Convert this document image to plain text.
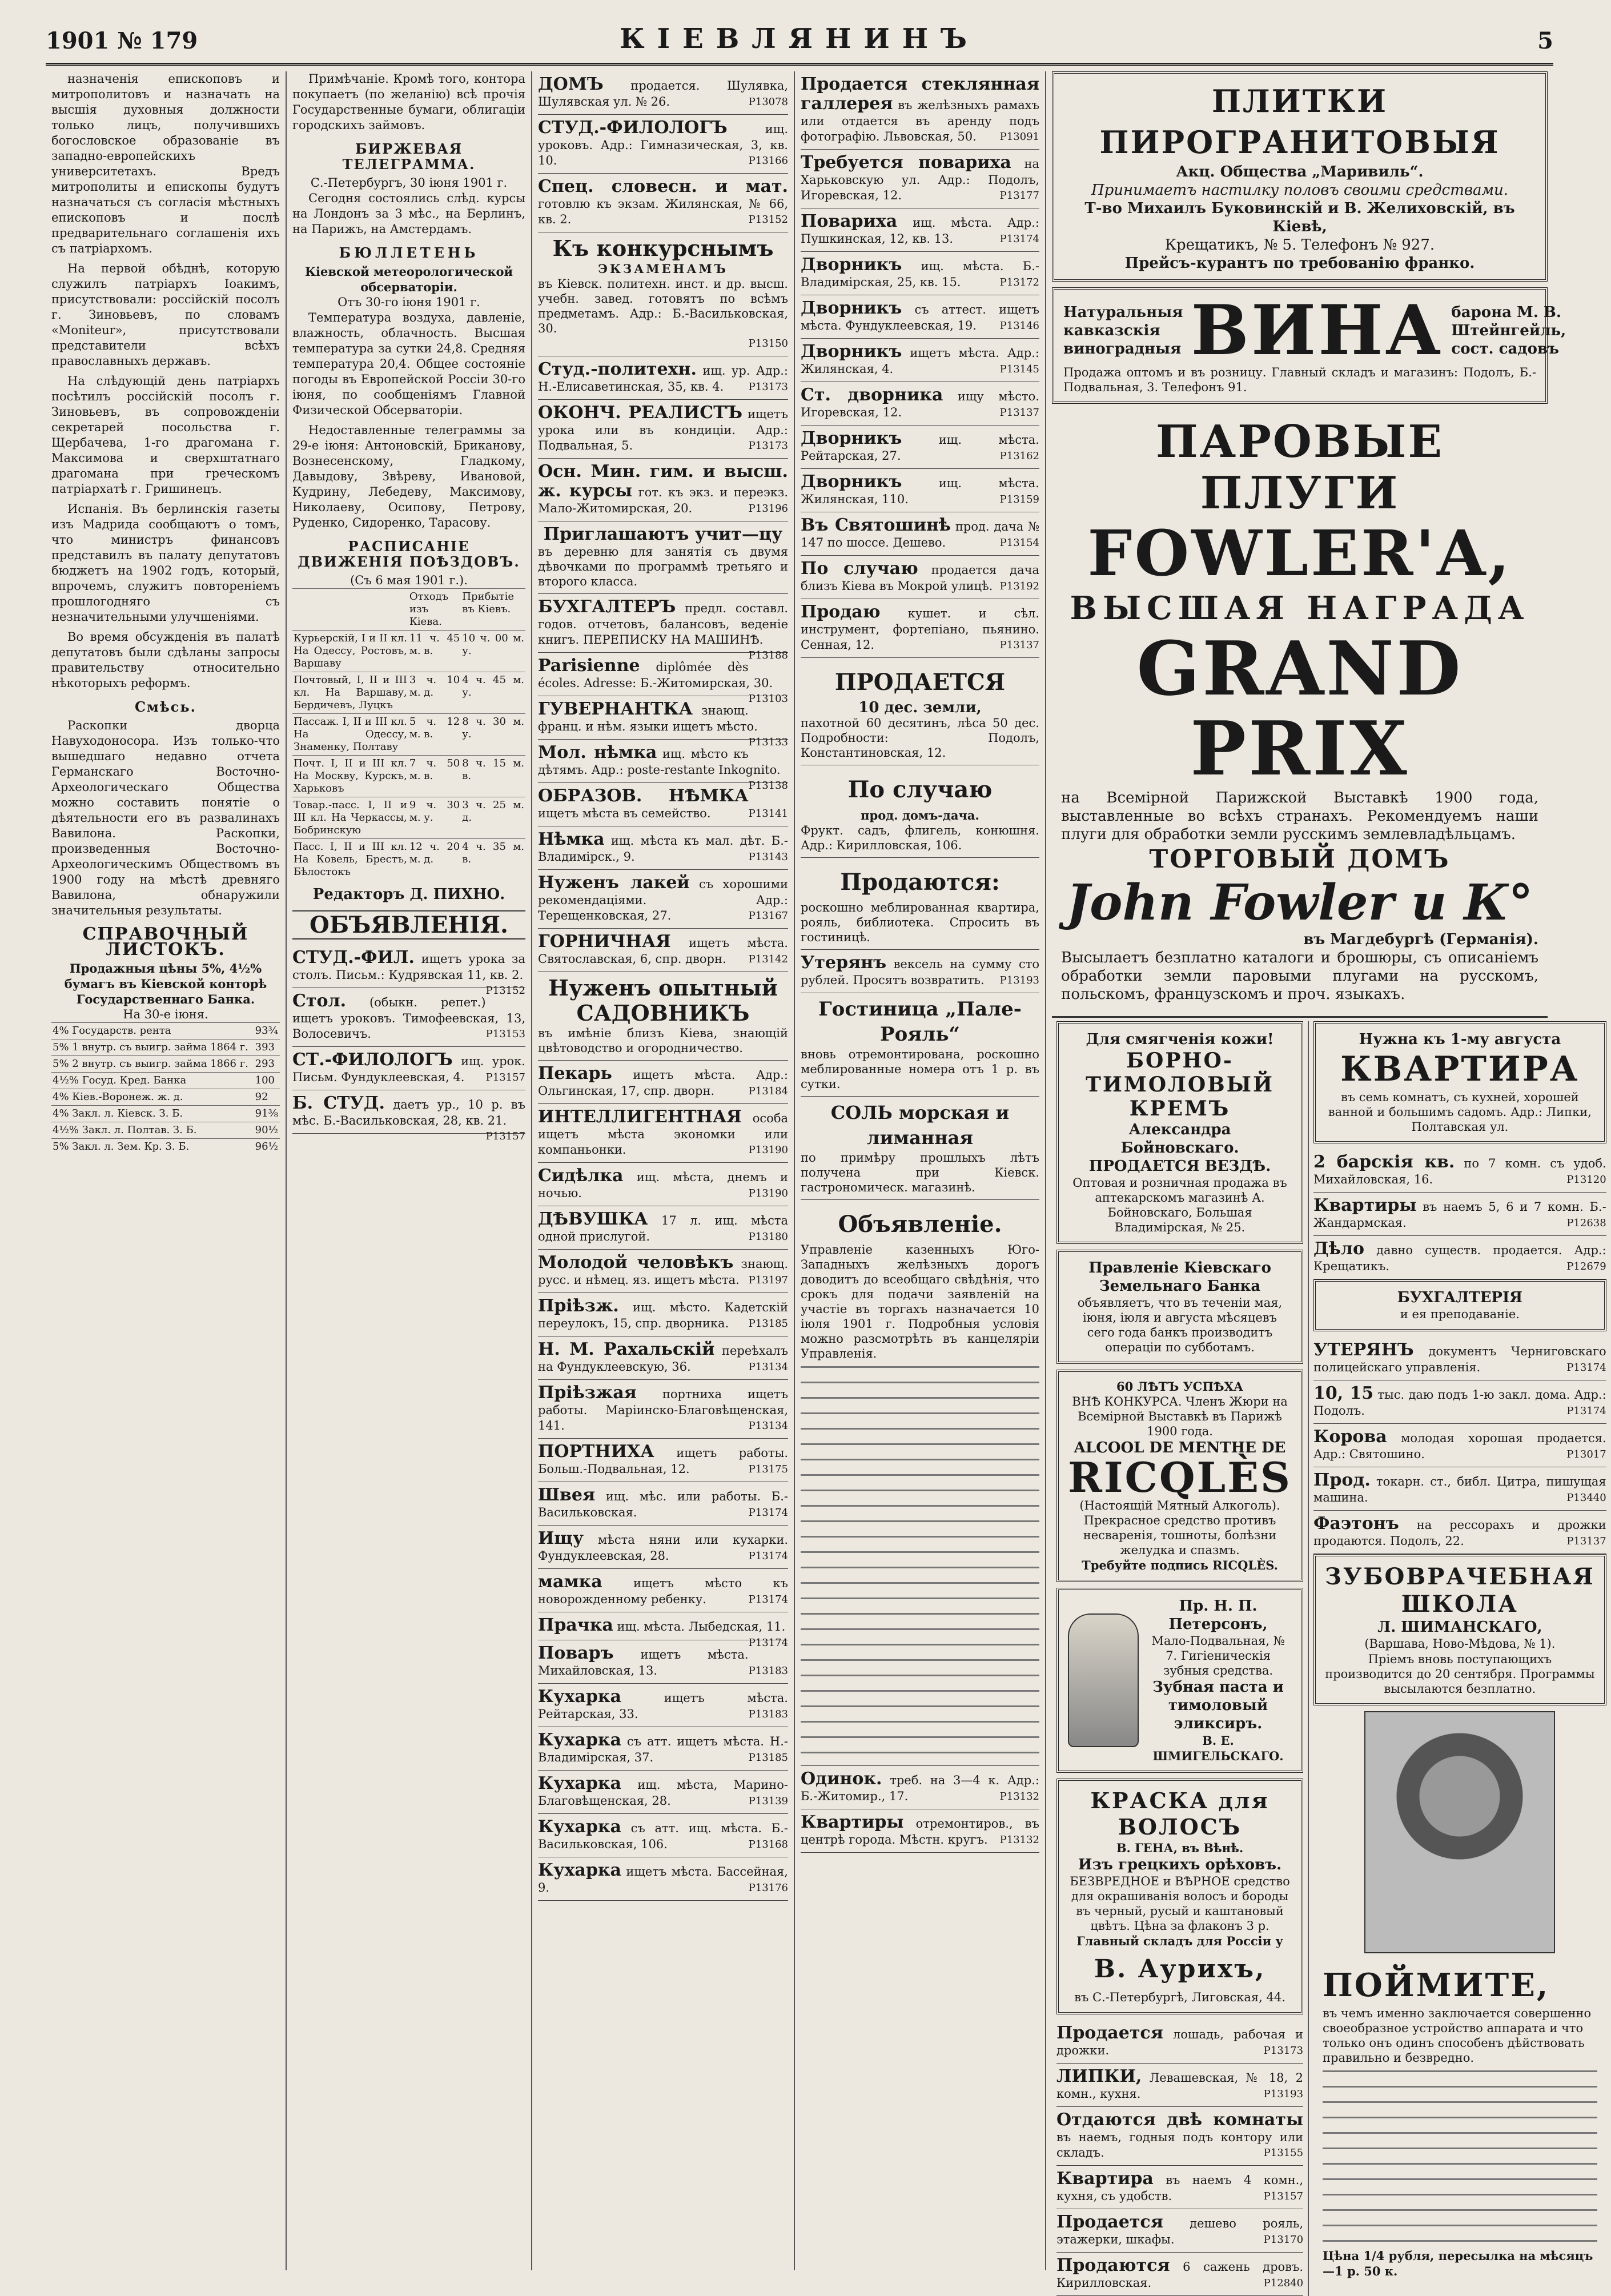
1901 № 179	КІЕВЛЯНИНЪ	5

назначенія епископовъ и митрополитовъ и назначать на высшія духовныя должности только лицъ, получившихъ богословское образованіе въ западно-европейскихъ университетахъ. Вредъ митрополиты и епископы будутъ назначаться съ согласія мѣстныхъ епископовъ и послѣ предварительнаго соглашенія ихъ съ патріархомъ.

На первой обѣднѣ, которую служилъ патріархъ Іоакимъ, присутствовали: россійскій посолъ г. Зиновьевъ, по словамъ «Moniteur», присутствовали представители всѣхъ православныхъ державъ.

На слѣдующій день патріархъ посѣтилъ россійскій посолъ г. Зиновьевъ, въ сопровожденіи секретарей посольства г. Щербачева, 1-го драгомана г. Максимова и сверхштатнаго драгомана при греческомъ патріархатѣ г. Гришинецъ.

Испанія. Въ берлинскія газеты изъ Мадрида сообщаютъ о томъ, что министръ финансовъ представилъ въ палату депутатовъ бюджетъ на 1902 годъ, который, впрочемъ, служитъ повтореніемъ прошлогодняго съ незначительными улучшеніями.

Во время обсужденія въ палатѣ депутатовъ были сдѣланы запросы правительству относительно нѣкоторыхъ реформъ.

Смѣсь.

Раскопки дворца Навуходоносора. Изъ только-что вышедшаго недавно отчета Германскаго Восточно-Археологическаго Общества можно составить понятіе о дѣятельности его въ развалинахъ Вавилона. Раскопки, произведенныя Восточно-Археологическимъ Обществомъ въ 1900 году на мѣстѣ древняго Вавилона, обнаружили значительныя результаты.

СПРАВОЧНЫЙ ЛИСТОКЪ.
Продажныя цѣны 5%, 4½% бумагъ въ Кіевской конторѣ Государственнаго Банка.
На 30-е іюня.
4% Государств. рента	93¾
5% 1 внутр. съ выигр. займа 1864 г.	393
5% 2 внутр. съ выигр. займа 1866 г.	293
4½% Госуд. Кред. Банка	100
4% Кіев.-Воронеж. ж. д.	92
4% Закл. л. Кіевск. З. Б.	91⅜
4½% Закл. л. Полтав. З. Б.	90½
5% Закл. л. Зем. Кр. 3. Б.	96½

Примѣчаніе. Кромѣ того, контора покупаетъ (по желанію) всѣ прочія Государственные бумаги, облигаціи городскихъ займовъ.

БИРЖЕВАЯ ТЕЛЕГРАММА.
С.-Петербургъ, 30 іюня 1901 г.

Сегодня состоялись слѣд. курсы на Лондонъ за 3 мѣс., на Берлинъ, на Парижъ, на Амстердамъ.

БЮЛЛЕТЕНЬ
Кіевской метеорологической обсерваторіи.
Отъ 30-го іюня 1901 г.

Температура воздуха, давленіе, влажность, облачность. Высшая температура за сутки 24,8. Средняя температура 20,4. Общее состояніе погоды въ Европейской Россіи 30-го іюня, по сообщеніямъ Главной Физической Обсерваторіи.

Недоставленные телеграммы за 29-е іюня: Антоновскій, Бриканову, Вознесенскому, Гладкому, Давыдову, Звѣреву, Ивановой, Кудрину, Лебедеву, Максимову, Николаеву, Осипову, Петрову, Руденко, Сидоренко, Тарасову.

РАСПИСАНІЕ ДВИЖЕНІЯ ПОѢЗДОВЪ.
(Съ 6 мая 1901 г.).
	Отходъ изъ Кіева.	Прибытіе въ Кіевъ.
Курьерскій, I и II кл. На Одессу, Ростовъ, Варшаву	11 ч. 45 м. в.	10 ч. 00 м. у.
Почтовый, I, II и III кл. На Варшаву, Бердичевъ, Луцкъ	3 ч. 10 м. д.	4 ч. 45 м. у.
Пассаж. I, II и III кл. На Одессу, Знаменку, Полтаву	5 ч. 12 м. в.	8 ч. 30 м. у.
Почт. I, II и III кл. На Москву, Курскъ, Харьковъ	7 ч. 50 м. в.	8 ч. 15 м. в.
Товар.-пасс. I, II и III кл. На Черкассы, Бобринскую	9 ч. 30 м. у.	3 ч. 25 м. д.
Пасс. I, II и III кл. На Ковель, Брестъ, Бѣлостокъ	12 ч. 20 м. д.	4 ч. 35 м. в.
Редакторъ Д. ПИХНО.
ОБЪЯВЛЕНІЯ.
СТУД.-ФИЛ. ищетъ урока за столъ. Письм.: Кудрявская 11, кв. 2.
Р13152
Стол. (обыкн. репет.) ищетъ уроковъ. Тимофеевская, 13, Волосевичъ.	Р13153
СТ.-ФИЛОЛОГЪ ищ. урок. Письм. Фундуклеевская, 4. Р13157
Б. СТУД. даетъ ур., 10 р. въ мѣс. Б.-Васильковская, 28, кв. 21.
Р13157
ДОМЪ продается. Шулявка, Шулявская ул. № 26.	Р13078
СТУД.-ФИЛОЛОГЪ	ищ. уроковъ. Адр.: Гимназическая, 3, кв. 10.	Р13166
Спец. словесн. и мат. готовлю къ экзам. Жилянская, № 66, кв. 2.	Р13152
Къ конкурснымъ
ЭКЗАМЕНАМЪ
въ Кіевск. политехн. инст. и др. высш. учебн. завед. готовятъ по всѣмъ предметамъ. Адр.: Б.-Васильковская, 30.
Р13150
Студ.-политехн. ищ. ур. Адр.: Н.-Елисаветинская, 35, кв. 4. Р13173
ОКОНЧ. РЕАЛИСТЪ ищетъ урока или въ кондиціи. Адр.: Подвальная, 5.	Р13173
Осн. Мин. гим. и высш. ж. курсы гот. къ экз. и переэкз. Мало-Житомирская, 20.	Р13196
Приглашаютъ учит—цу
въ деревню для занятія съ двумя дѣвочками по программѣ третьяго и второго класса.
БУХГАЛТЕРЪ предл. составл. годов. отчетовъ, балансовъ, веденіе книгъ. ПЕРЕПИСКУ НА МАШИНѢ.
Р13188
Parisienne diplômée dès écoles. Adresse: Б.-Житомирская, 30.
Р13103
ГУВЕРНАНТКА знающ. франц. и нѣм. языки ищетъ мѣсто.
Р13133
Мол. нѣмка ищ. мѣсто къ дѣтямъ. Адр.: poste-restante Inkognito.
Р13138
ОБРАЗОВ. НѢМКА ищетъ мѣста въ семейство.	Р13141
Нѣмка ищ. мѣста къ мал. дѣт. Б.-Владимірск., 9.	Р13143
Нуженъ лакей съ хорошими рекомендаціями. Адр.: Терещенковская, 27.	Р13167
ГОРНИЧНАЯ ищетъ мѣста. Святославская, 6, спр. дворн. Р13142
Нуженъ опытный САДОВНИКЪ
въ имѣніе близъ Кіева, знающій цвѣтоводство и огородничество.
Пекарь ищетъ мѣста. Адр.: Ольгинская, 17, спр. дворн.	Р13184
ИНТЕЛЛИГЕНТНАЯ особа ищетъ мѣста экономки или компаньонки.	Р13190
Сидѣлка ищ. мѣста, днемъ и ночью.	Р13190
ДѢВУШКА 17 л. ищ. мѣста одной прислугой.	Р13180
Молодой человѣкъ знающ. русс. и нѣмец. яз. ищетъ мѣста. Р13197
Пріѣзж. ищ. мѣсто. Кадетскій переулокъ, 15, спр. дворника. Р13185
Н. М. Рахальскій переѣхалъ на Фундуклеевскую, 36.	Р13134
Пріѣзжая портниха ищетъ работы. Марiинско-Благовѣщенская, 141.	Р13134
ПОРТНИХА ищетъ работы. Больш.-Подвальная, 12.	Р13175
Швея ищ. мѣс. или работы. Б.-Васильковская.	Р13174
Ищу мѣста няни или кухарки. Фундуклеевская, 28.	Р13174
мамка	ищетъ мѣсто къ новорожденному ребенку.	Р13174
Прачка ищ. мѣста. Лыбедская, 11.
Р13174
Поваръ ищетъ мѣста. Михайловская, 13.	Р13183
Кухарка	ищетъ мѣста. Рейтарская, 33.	Р13183
Кухарка съ атт. ищетъ мѣста. Н.-Владимірская, 37.	Р13185
Кухарка ищ. мѣста, Марино-Благовѣщенская, 28.	Р13139
Кухарка съ атт. ищ. мѣста. Б.-Васильковская, 106.	Р13168
Кухарка ищетъ мѣста. Бассейная, 9.	Р13176
Продается стеклянная галлерея въ желѣзныхъ рамахъ или отдается въ аренду подъ фотографію. Львовская, 50. Р13091
Требуется повариха на Харьковскую ул. Адр.: Подолъ, Игоревская, 12.	Р13177
Повариха ищ. мѣста. Адр.: Пушкинская, 12, кв. 13.	Р13174
Дворникъ ищ. мѣста. Б.-Владимірская, 25, кв. 15.	Р13172
Дворникъ съ аттест. ищетъ мѣста. Фундуклеевская, 19. Р13146
Дворникъ ищетъ мѣста. Адр.: Жилянская, 4.	Р13145
Ст. дворника ищу мѣсто. Игоревская, 12.	Р13137
Дворникъ	ищ. мѣста. Рейтарская, 27.	Р13162
Дворникъ	ищ. мѣста. Жилянская, 110.	Р13159
Въ Святошинѣ прод. дача № 147 по шоссе. Дешево.	Р13154
По случаю продается дача близъ Кіева въ Мокрой улицѣ. Р13192
Продаю кушет. и сѣл. инструмент, фортепіано, пьянино. Сенная, 12.	Р13137
ПРОДАЕТСЯ
10 дес. земли,
пахотной 60 десятинъ, лѣса 50 дес. Подробности: Подолъ, Константиновская, 12.
По случаю
прод. домъ-дача.
Фрукт. садъ, флигель, конюшня. Адр.: Кирилловская, 106.
Продаются:
роскошно меблированная квартира, рояль, библиотека. Спросить въ гостиницѣ.
Утерянъ вексель на сумму сто рублей. Просятъ возвратить. Р13193
Гостиница „Пале-Рояль“
вновь отремонтирована, роскошно меблированные номера отъ 1 р. въ сутки.
СОЛЬ морская и лиманная
по примѣру прошлыхъ лѣтъ получена при Кіевск. гастрономическ. магазинѣ.
Объявленіе.
Управленіе казенныхъ Юго-Западныхъ желѣзныхъ дорогъ доводитъ до всеобщаго свѣдѣнія, что срокъ для подачи заявленій на участіе въ торгахъ назначается 10 іюля 1901 г. Подробныя условія можно разсмотрѣть въ канцеляріи Управленія.
Одинок. треб. на 3—4 к. Адр.: Б.-Житомир., 17.	Р13132
Квартиры отремонтиров., въ центрѣ города. Мѣстн. кругъ. Р13132
ПЛИТКИ ПИРОГРАНИТОВЫЯ
Акц. Общества „Маривиль“.
Принимаетъ настилку половъ своими средствами.
Т-во Михаилъ Буковинскій и В. Желиховскій, въ Кіевѣ,
Крещатикъ, № 5. Телефонъ № 927.
Прейсъ-курантъ по требованію франко.
Натуральныя кавказскія виноградныя ВИНА барона М. В. Штейнгейль, сост. садовъ
Продажа оптомъ и въ розницу. Главный складъ и магазинъ: Подолъ, Б.-Подвальная, 3. Телефонъ 91.
ПАРОВЫЕ ПЛУГИ
FOWLER'A,
ВЫСШАЯ НАГРАДА
GRAND PRIX
на Всемірной Парижской Выставкѣ 1900 года, выставленные во всѣхъ странахъ. Рекомендуемъ наши плуги для обработки земли русскимъ землевладѣльцамъ.
ТОРГОВЫЙ ДОМЪ
John Fowler и К°
въ Магдебургѣ (Германія).
Высылаетъ безплатно каталоги и брошюры, съ описаніемъ обработки земли паровыми плугами на русскомъ, польскомъ, французскомъ и проч. языкахъ.
Для смягченія кожи!
БОРНО-ТИМОЛОВЫЙ КРЕМЪ
Александра Бойновскаго.
ПРОДАЕТСЯ ВЕЗДѢ.
Оптовая и розничная продажа въ аптекарскомъ магазинѣ А. Бойновскаго, Большая Владимірская, № 25.
Правленіе Кіевскаго Земельнаго Банка
объявляетъ, что въ теченіи мая, іюня, іюля и августа мѣсяцевъ сего года банкъ производитъ операціи по субботамъ.
60 ЛѢТЪ УСПѢХА
ВНѢ КОНКУРСА. Членъ Жюри на Всемірной Выставкѣ въ Парижѣ 1900 года.
ALCOOL DE MENTHE DE
RICQLÈS
(Настоящій Мятный Алкоголь). Прекрасное средство противъ несваренія, тошноты, болѣзни желудка и спазмъ.
Требуйте подпись RICQLÈS.
Пр. Н. П. Петерсонъ,
Мало-Подвальная, № 7. Гигіеническія зубныя средства.
Зубная паста и тимоловый эликсиръ.
В. Е. ШМИГЕЛЬСКАГО.
КРАСКА для ВОЛОСЪ
В. ГЕНА, въ Вѣнѣ.
Изъ грецкихъ орѣховъ.
БЕЗВРЕДНОЕ и ВѢРНОЕ средство для окрашиванія волосъ и бороды въ черный, русый и каштановый цвѣтъ. Цѣна за флаконъ 3 р.
Главный складъ для Россіи у
В. Аурихъ,
въ С.-Петербургѣ, Лиговская, 44.
Продается лошадь, рабочая и дрожки.	Р13173
ЛИПКИ, Левашевская, № 18, 2 комн., кухня.	Р13193
Отдаются двѣ комнаты въ наемъ, годныя подъ контору или складъ.	Р13155
Квартира въ наемъ 4 комн., кухня, съ удобств.	Р13157
Продается дешево рояль, этажерки, шкафы.	Р13170
Продаются 6 сажень дровъ. Кирилловская.	Р12840
Нужна къ 1-му августа
КВАРТИРА
въ семь комнатъ, съ кухней, хорошей ванной и большимъ садомъ. Адр.: Липки, Полтавская ул.
2 барскія кв. по 7 комн. съ удоб. Михайловская, 16.	Р13120
Квартиры въ наемъ 5, 6 и 7 комн. Б.-Жандармская.	Р12638
Дѣло давно существ. продается. Адр.: Крещатикъ.	Р12679
БУХГАЛТЕРІЯ
и ея преподаваніе.
УТЕРЯНЪ документъ Черниговскаго полицейскаго управленія.	Р13174
10, 15 тыс. даю подъ 1-ю закл. дома. Адр.: Подолъ.	Р13174
Корова молодая хорошая продается. Адр.: Святошино.	Р13017
Прод. токарн. ст., библ. Цитра, пишущая машина.	Р13440
Фаэтонъ на рессорахъ и дрожки продаются. Подолъ, 22.	Р13137
ЗУБОВРАЧЕБНАЯ ШКОЛА
Л. ШИМАНСКАГО,
(Варшава, Ново-Мѣдова, № 1).
Пріемъ вновь поступающихъ производится до 20 сентября. Программы высылаются безплатно.
ПОЙМИТЕ,
въ чемъ именно заключается совершенно своеобразное устройство аппарата и что только онъ одинъ способенъ дѣйствовать правильно и безвредно.
Цѣна 1/4 рубля, пересылка на мѣсяцъ—1 р. 50 к.
